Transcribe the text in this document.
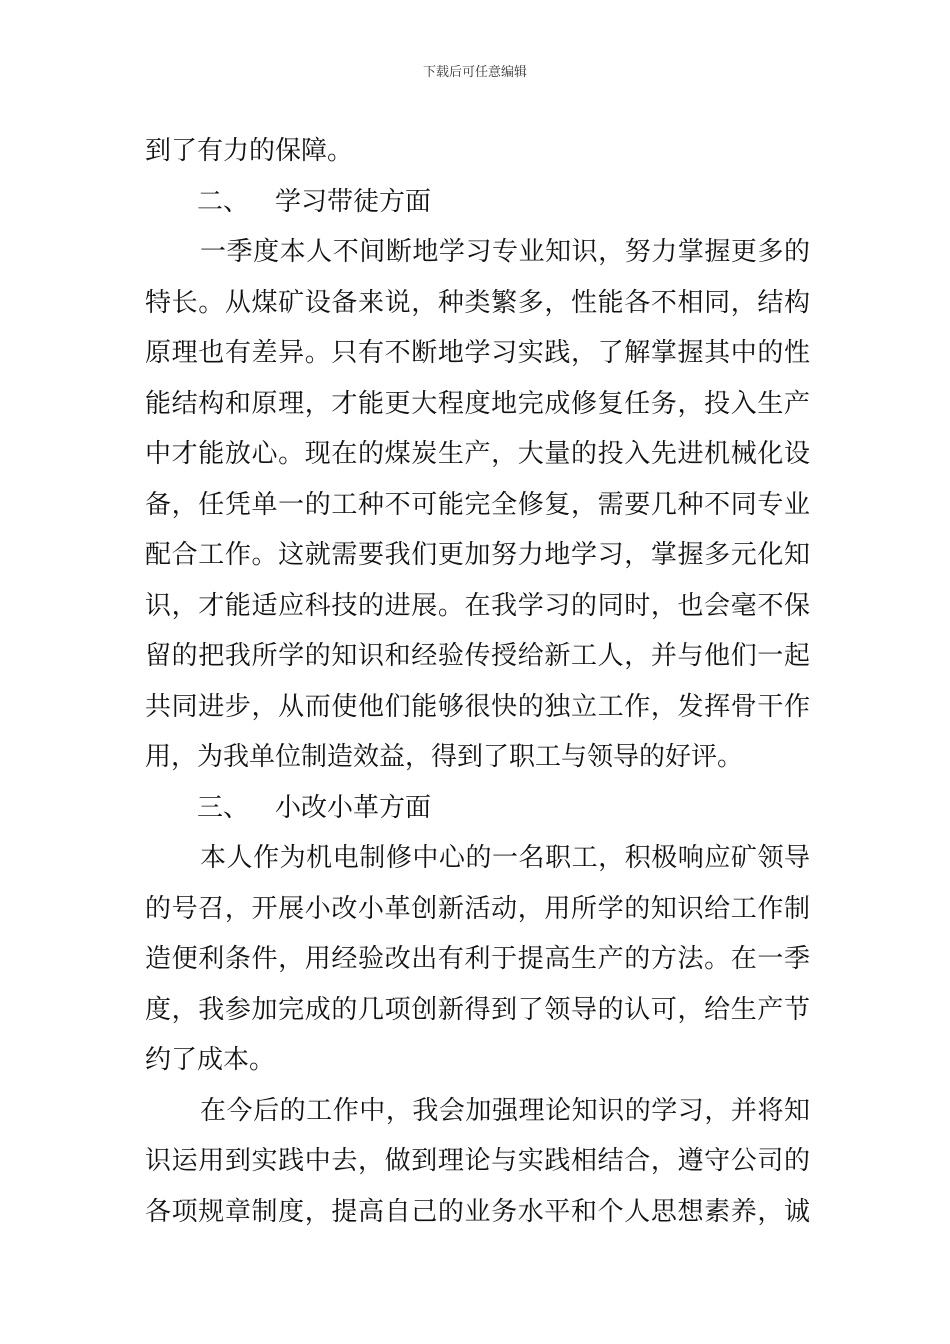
下载后可任意编辑
到了有力的保障。
二、 学习带徒方面
一季度本人不间断地学习专业知识，努力掌握更多的
特长。从煤矿设备来说，种类繁多，性能各不相同，结构
原理也有差异。只有不断地学习实践，了解掌握其中的性
能结构和原理，才能更大程度地完成修复任务，投入生产
中才能放心。现在的煤炭生产，大量的投入先进机械化设
备，任凭单一的工种不可能完全修复，需要几种不同专业
配合工作。这就需要我们更加努力地学习，掌握多元化知
识，才能适应科技的进展。在我学习的同时，也会毫不保
留的把我所学的知识和经验传授给新工人，并与他们一起
共同进步，从而使他们能够很快的独立工作，发挥骨干作
用，为我单位制造效益，得到了职工与领导的好评。
三、 小改小革方面
本人作为机电制修中心的一名职工，积极响应矿领导
的号召，开展小改小革创新活动，用所学的知识给工作制
造便利条件，用经验改出有利于提高生产的方法。在一季
度，我参加完成的几项创新得到了领导的认可，给生产节
约了成本。
在今后的工作中，我会加强理论知识的学习，并将知
识运用到实践中去，做到理论与实践相结合，遵守公司的
各项规章制度，提高自己的业务水平和个人思想素养，诚
